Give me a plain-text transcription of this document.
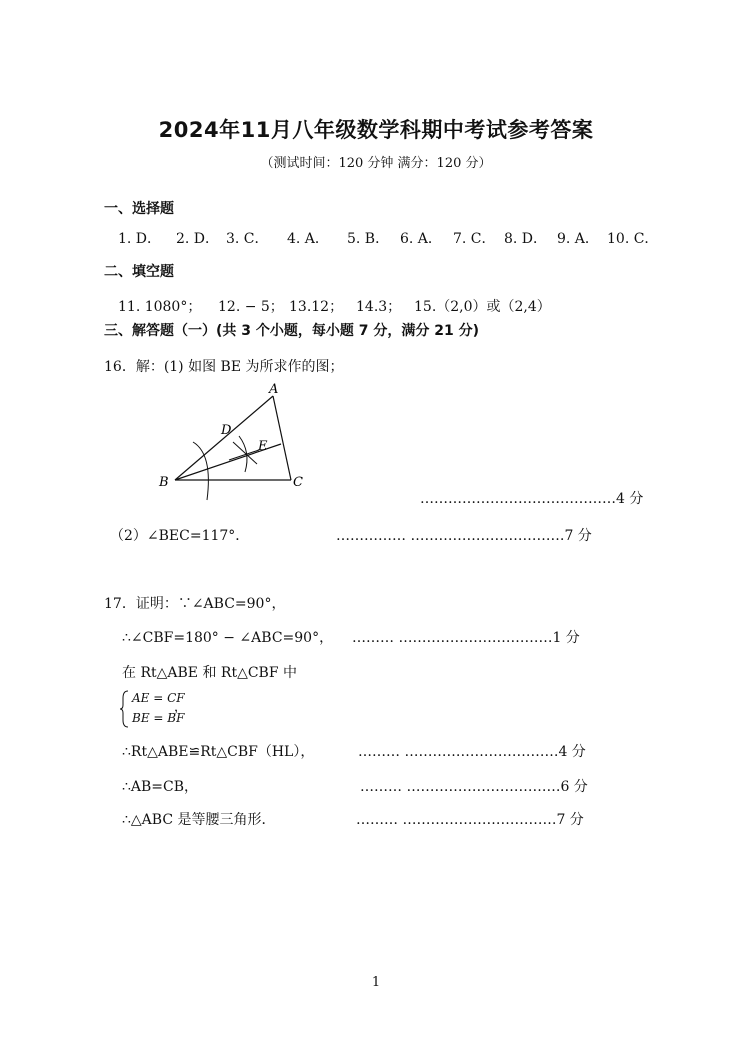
2024年11月八年级数学科期中考试参考答案
（测试时间：120 分钟 满分：120 分）
一、选择题
1. D． 2. D． 3. C． 4. A． 5. B． 6. A． 7. C． 8. D． 9. A． 10. C．
二、填空题
11. 1080°； 12. − 5； 13.12； 14.3； 15.（2,0）或（2,4）
三、解答题（一）(共 3 个小题，每小题 7 分，满分 21 分)
16．解：(1) 如图 BE 为所求作的图；
A
B	C
D
E
……………………………………4 分
（2）∠BEC=117°．	…………… ……………………………7 分
17．证明：∵∠ABC=90°，
∴∠CBF=180° − ∠ABC=90°， ……… ……………………………1 分
在 Rt△ABE 和 Rt△CBF 中
AE = CF
BE = BF
，
∴Rt△ABE≌Rt△CBF（HL），	……… ……………………………4 分
∴AB=CB，	……… ……………………………6 分
∴△ABC 是等腰三角形．	……… ……………………………7 分
1
